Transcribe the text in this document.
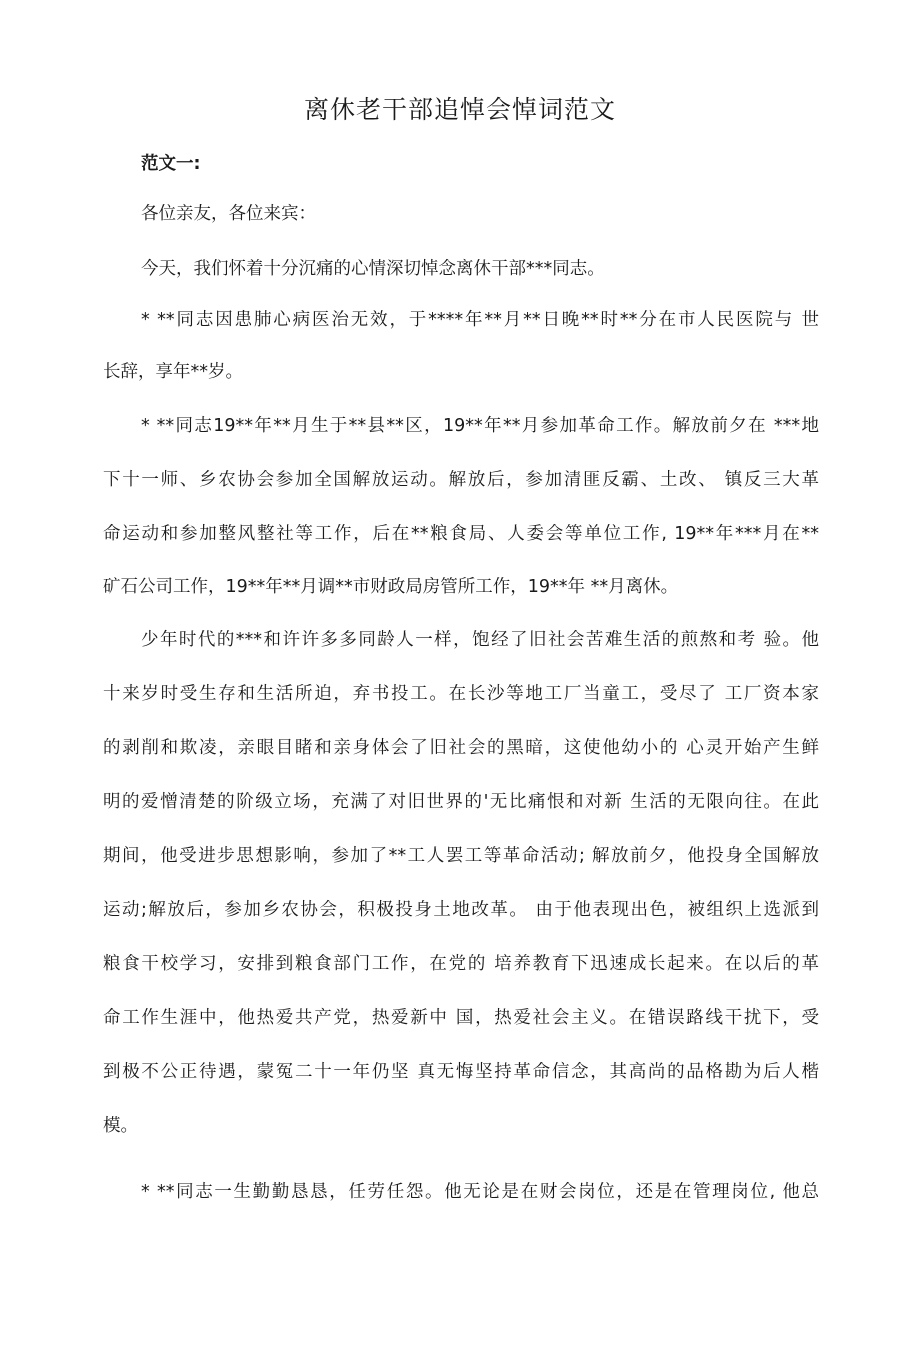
离休老干部追悼会悼词范文

范文一:

各位亲友，各位来宾：

今天，我们怀着十分沉痛的心情深切悼念离休干部***同志。

* **同志因患肺心病医治无效，于****年**月**日晚**时**分在市人民医院与 世

长辞，享年**岁。

* **同志19**年**月生于**县**区，19**年**月参加革命工作。解放前夕在 ***地

下十一师、乡农协会参加全国解放运动。解放后，参加清匪反霸、土改、 镇反三大革

命运动和参加整风整社等工作，后在**粮食局、人委会等单位工作, 19**年***月在**

矿石公司工作，19**年**月调**市财政局房管所工作，19**年 **月离休。

少年时代的***和许许多多同龄人一样，饱经了旧社会苦难生活的煎熬和考 验。他

十来岁时受生存和生活所迫，弃书投工。在长沙等地工厂当童工，受尽了 工厂资本家

的剥削和欺凌，亲眼目睹和亲身体会了旧社会的黑暗，这使他幼小的 心灵开始产生鲜

明的爱憎清楚的阶级立场，充满了对旧世界的'无比痛恨和对新 生活的无限向往。在此

期间，他受进步思想影响，参加了**工人罢工等革命活动; 解放前夕，他投身全国解放

运动;解放后，参加乡农协会，积极投身土地改革。 由于他表现出色，被组织上选派到

粮食干校学习，安排到粮食部门工作，在党的 培养教育下迅速成长起来。在以后的革

命工作生涯中，他热爱共产党，热爱新中 国，热爱社会主义。在错误路线干扰下，受

到极不公正待遇，蒙冤二十一年仍坚 真无悔坚持革命信念，其高尚的品格勘为后人楷

模。

* **同志一生勤勤恳恳，任劳任怨。他无论是在财会岗位，还是在管理岗位, 他总
